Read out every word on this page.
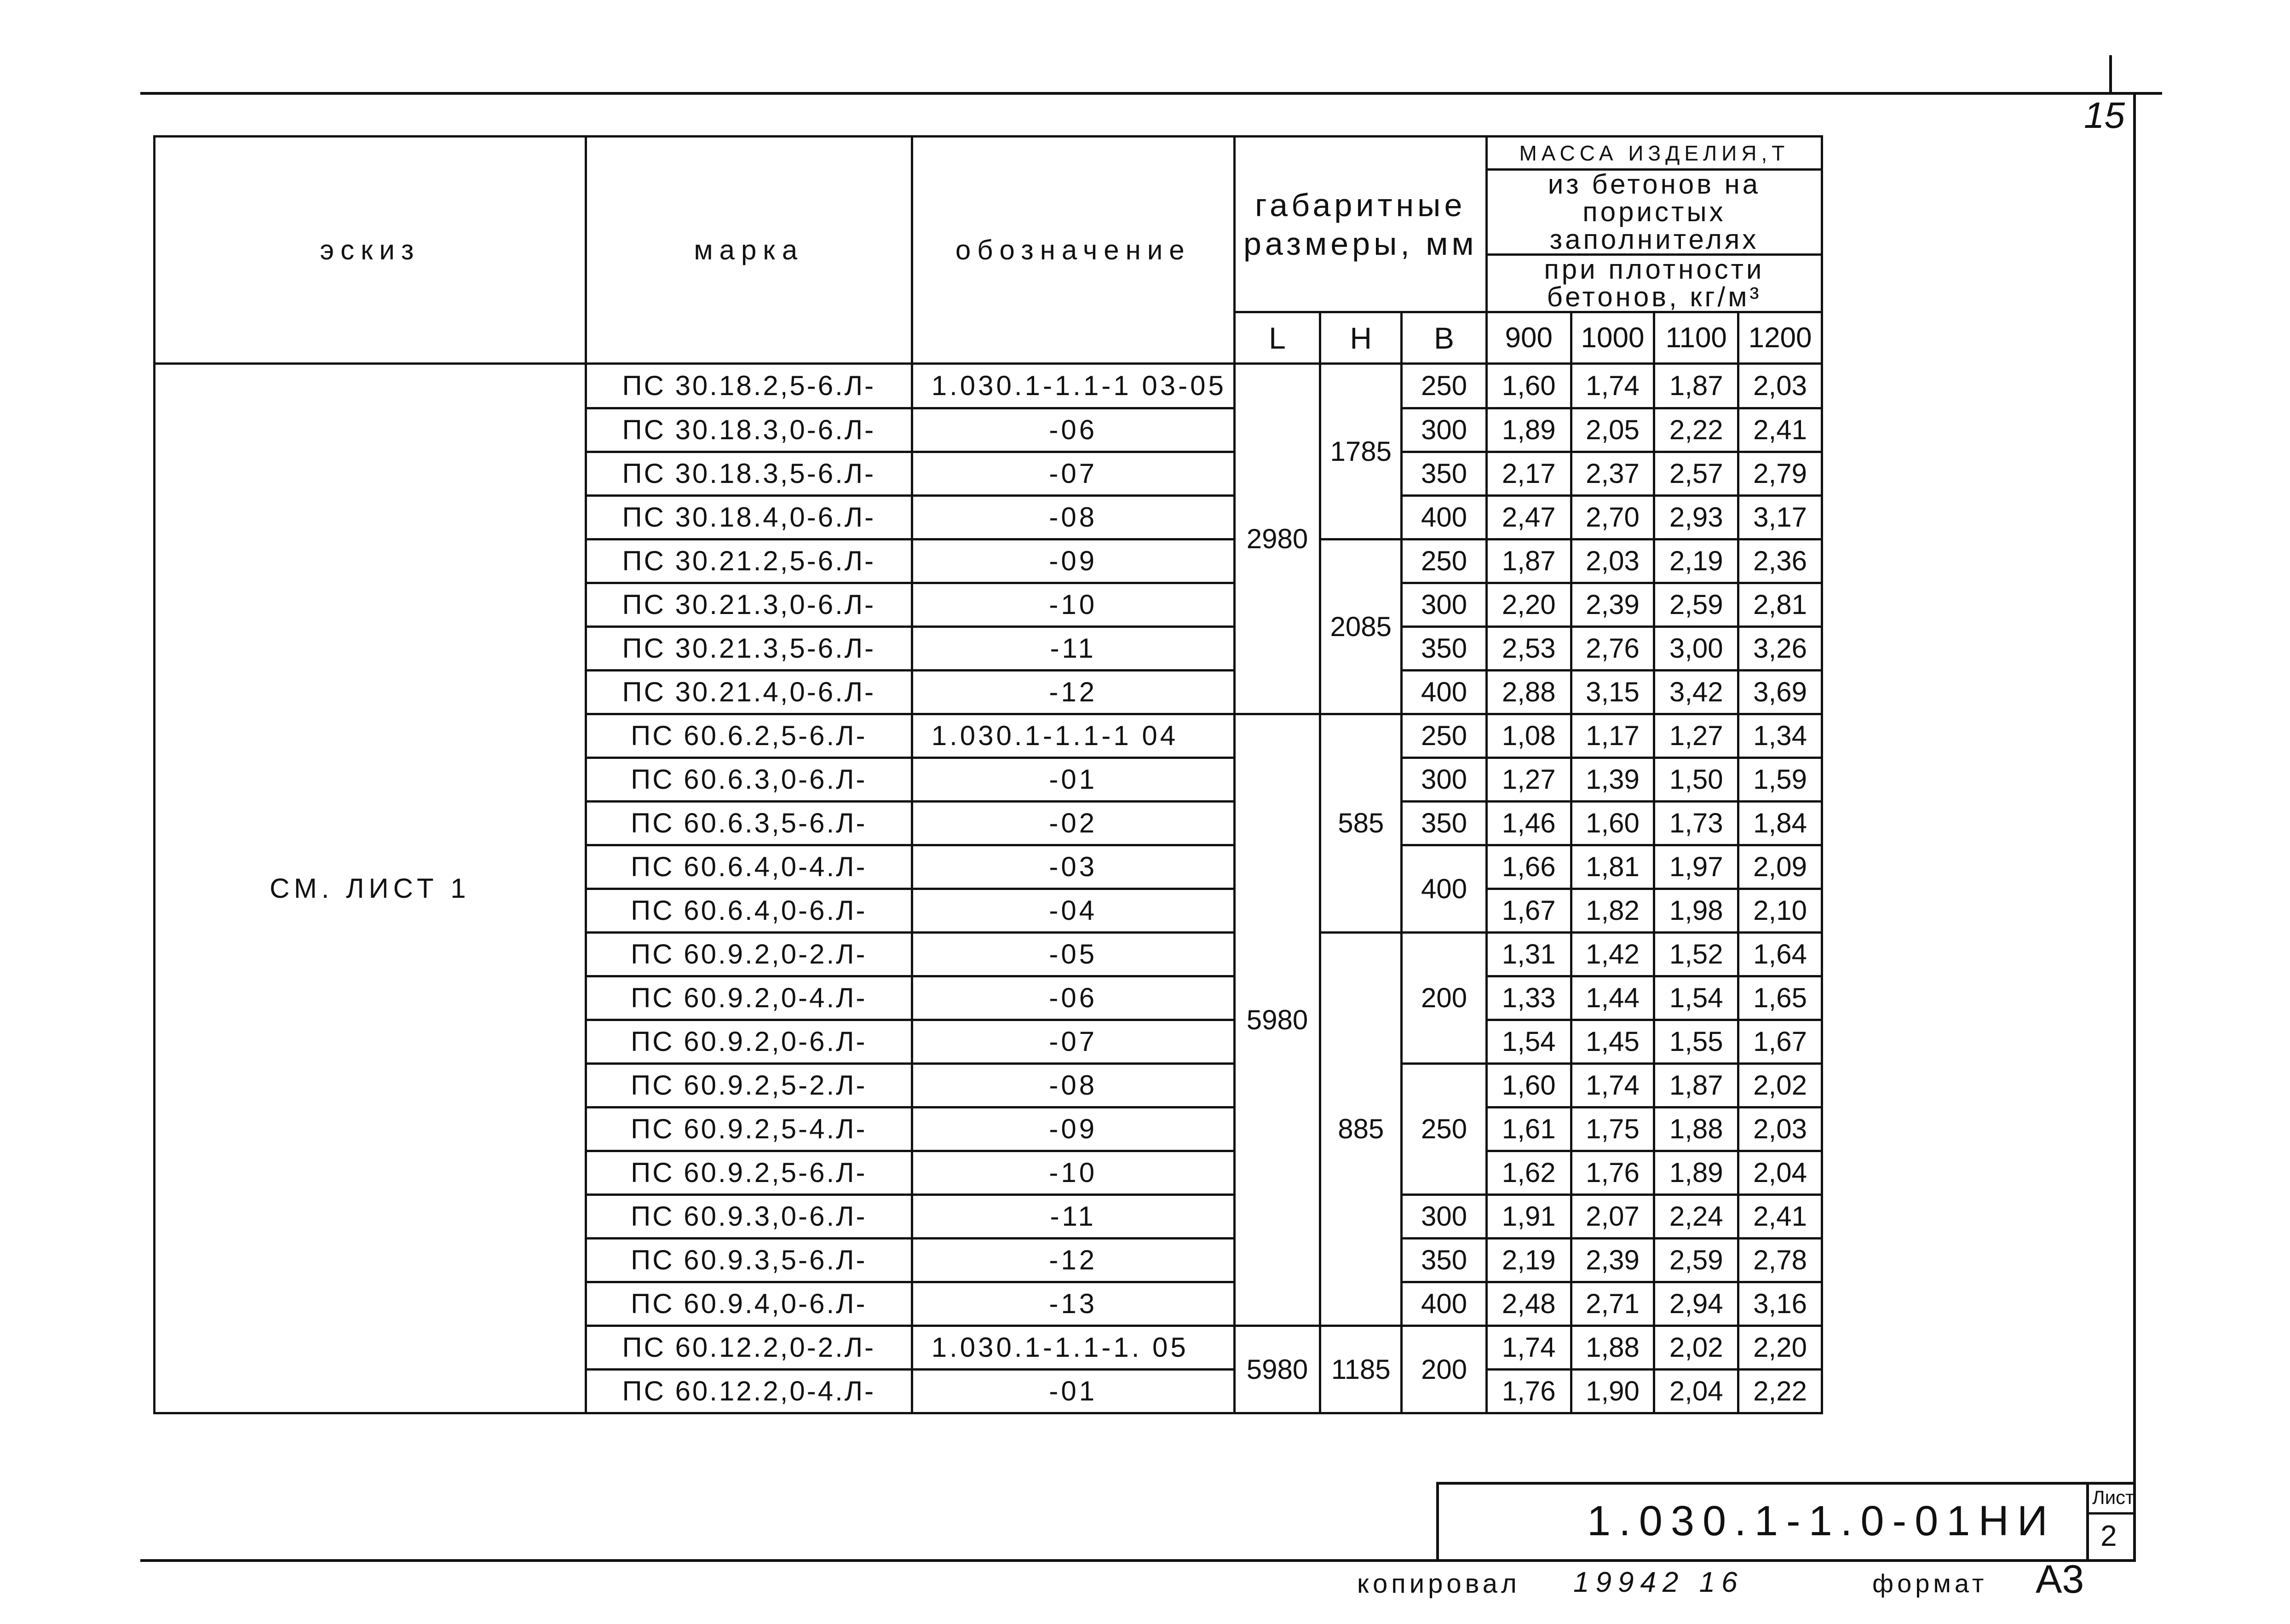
15
эскиз	марка	обозначение	габаритные
размеры, мм			МАССА ИЗДЕЛИЯ,Т			

						из бетонов на пористых
заполнителях			

						при плотности
бетонов, кг/м³			

			L	Н	В	900	1000	1100	1200
СМ. ЛИСТ 1	ПС 30.18.2,5-6.Л-	1.030.1-1.1-1 03-05	2980	1785	250	1,60	1,74	1,87	2,03
	ПС 30.18.3,0-6.Л-	-06			300	1,89	2,05	2,22	2,41
	ПС 30.18.3,5-6.Л-	-07			350	2,17	2,37	2,57	2,79
	ПС 30.18.4,0-6.Л-	-08			400	2,47	2,70	2,93	3,17
	ПС 30.21.2,5-6.Л-	-09		2085	250	1,87	2,03	2,19	2,36
	ПС 30.21.3,0-6.Л-	-10			300	2,20	2,39	2,59	2,81
	ПС 30.21.3,5-6.Л-	-11			350	2,53	2,76	3,00	3,26
	ПС 30.21.4,0-6.Л-	-12			400	2,88	3,15	3,42	3,69
	ПС 60.6.2,5-6.Л-	1.030.1-1.1-1 04	5980	585	250	1,08	1,17	1,27	1,34
	ПС 60.6.3,0-6.Л-	-01			300	1,27	1,39	1,50	1,59
	ПС 60.6.3,5-6.Л-	-02			350	1,46	1,60	1,73	1,84
	ПС 60.6.4,0-4.Л-	-03			400	1,66	1,81	1,97	2,09
	ПС 60.6.4,0-6.Л-	-04				1,67	1,82	1,98	2,10
	ПС 60.9.2,0-2.Л-	-05		885	200	1,31	1,42	1,52	1,64
	ПС 60.9.2,0-4.Л-	-06				1,33	1,44	1,54	1,65
	ПС 60.9.2,0-6.Л-	-07				1,54	1,45	1,55	1,67
	ПС 60.9.2,5-2.Л-	-08			250	1,60	1,74	1,87	2,02
	ПС 60.9.2,5-4.Л-	-09				1,61	1,75	1,88	2,03
	ПС 60.9.2,5-6.Л-	-10				1,62	1,76	1,89	2,04
	ПС 60.9.3,0-6.Л-	-11			300	1,91	2,07	2,24	2,41
	ПС 60.9.3,5-6.Л-	-12			350	2,19	2,39	2,59	2,78
	ПС 60.9.4,0-6.Л-	-13			400	2,48	2,71	2,94	3,16
	ПС 60.12.2,0-2.Л-	1.030.1-1.1-1. 05	5980	1185	200	1,74	1,88	2,02	2,20
	ПС 60.12.2,0-4.Л-	-01				1,76	1,90	2,04	2,22
1.030.1-1.0-01НИ
Лист
2
копировал 19942 16	формат А3
